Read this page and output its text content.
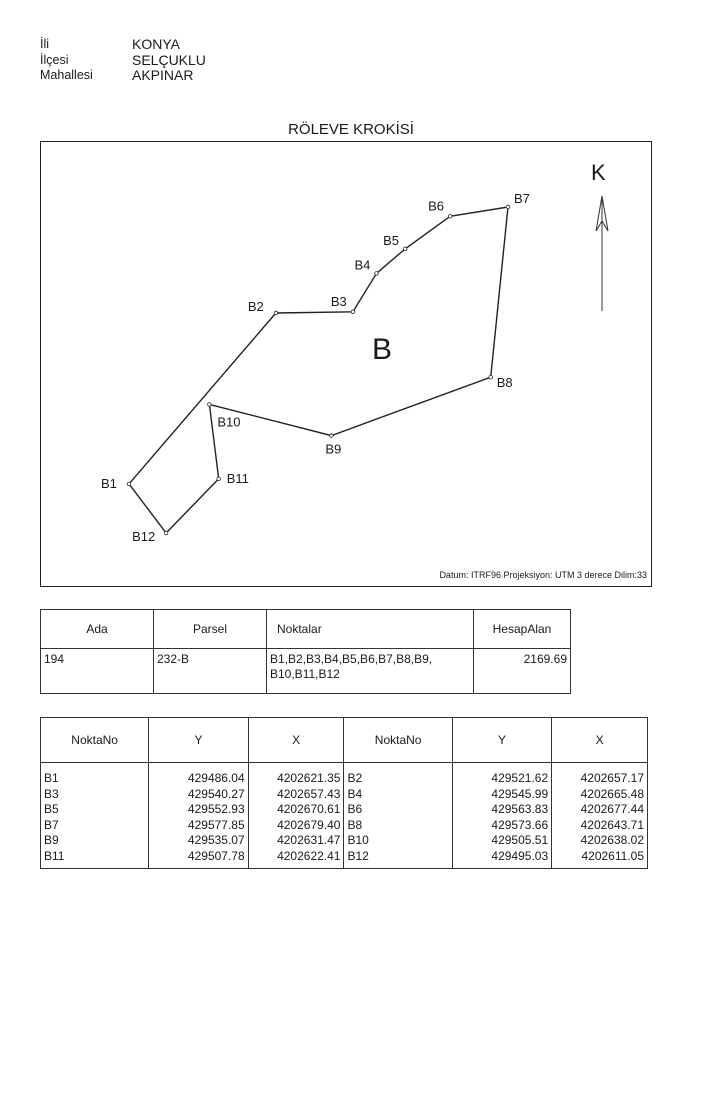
İli	KONYA
İlçesi	SELÇUKLU
Mahallesi	AKPINAR
RÖLEVE KROKİSİ
B1
B2	B3
B4
B5
B6	B7
B8
B9
B10
B11
B12
B
K
Datum: ITRF96 Projeksiyon: UTM 3 derece Dilim:33
Ada	Parsel	Noktalar	HesapAlan
194	232-B	B1,B2,B3,B4,B5,B6,B7,B8,B9,
B10,B11,B12	2169.69
NoktaNo	Y	X	NoktaNo	Y	X
B1	429486.04	4202621.35	B2	429521.62	4202657.17
B3	429540.27	4202657.43	B4	429545.99	4202665.48
B5	429552.93	4202670.61	B6	429563.83	4202677.44
B7	429577.85	4202679.40	B8	429573.66	4202643.71
B9	429535.07	4202631.47	B10	429505.51	4202638.02
B11	429507.78	4202622.41	B12	429495.03	4202611.05
